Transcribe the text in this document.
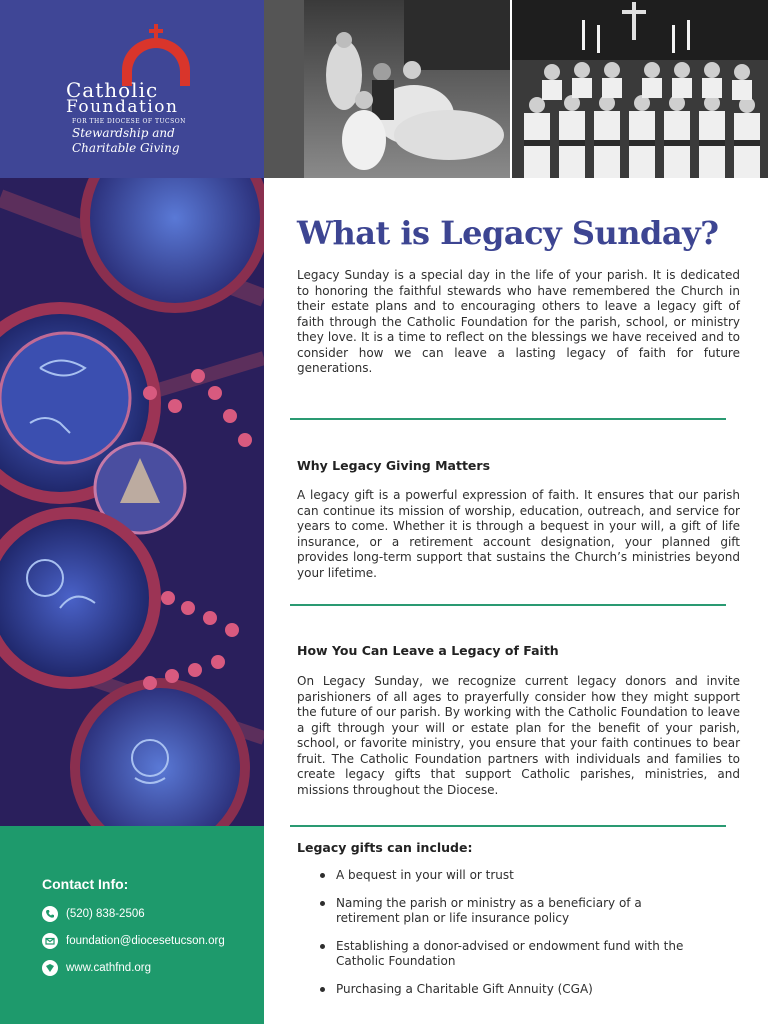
Catholic
Foundation
FOR THE DIOCESE OF TUCSON
Stewardship and
Charitable Giving
Contact Info:
(520) 838-2506
foundation@diocesetucson.org
www.cathfnd.org
What is Legacy Sunday?

Legacy Sunday is a special day in the life of your parish. It is dedicated to honoring the faithful stewards who have remembered the Church in their estate plans and to encouraging others to leave a legacy gift of faith through the Catholic Foundation for the parish, school, or ministry they love. It is a time to reflect on the blessings we have received and to consider how we can leave a lasting legacy of faith for future generations.

Why Legacy Giving Matters

A legacy gift is a powerful expression of faith. It ensures that our parish can continue its mission of worship, education, outreach, and service for years to come. Whether it is through a bequest in your will, a gift of life insurance, or a retirement account designation, your planned gift provides long-term support that sustains the Church’s ministries beyond your lifetime.

How You Can Leave a Legacy of Faith

On Legacy Sunday, we recognize current legacy donors and invite parishioners of all ages to prayerfully consider how they might support the future of our parish. By working with the Catholic Foundation to leave a gift through your will or estate plan for the benefit of your parish, school, or favorite ministry, you ensure that your faith continues to bear fruit. The Catholic Foundation partners with individuals and families to create legacy gifts that support Catholic parishes, ministries, and missions throughout the Diocese.

Legacy gifts can include:
A bequest in your will or trust
Naming the parish or ministry as a beneficiary of a retirement plan or life insurance policy
Establishing a donor-advised or endowment fund with the Catholic Foundation
Purchasing a Charitable Gift Annuity (CGA)
